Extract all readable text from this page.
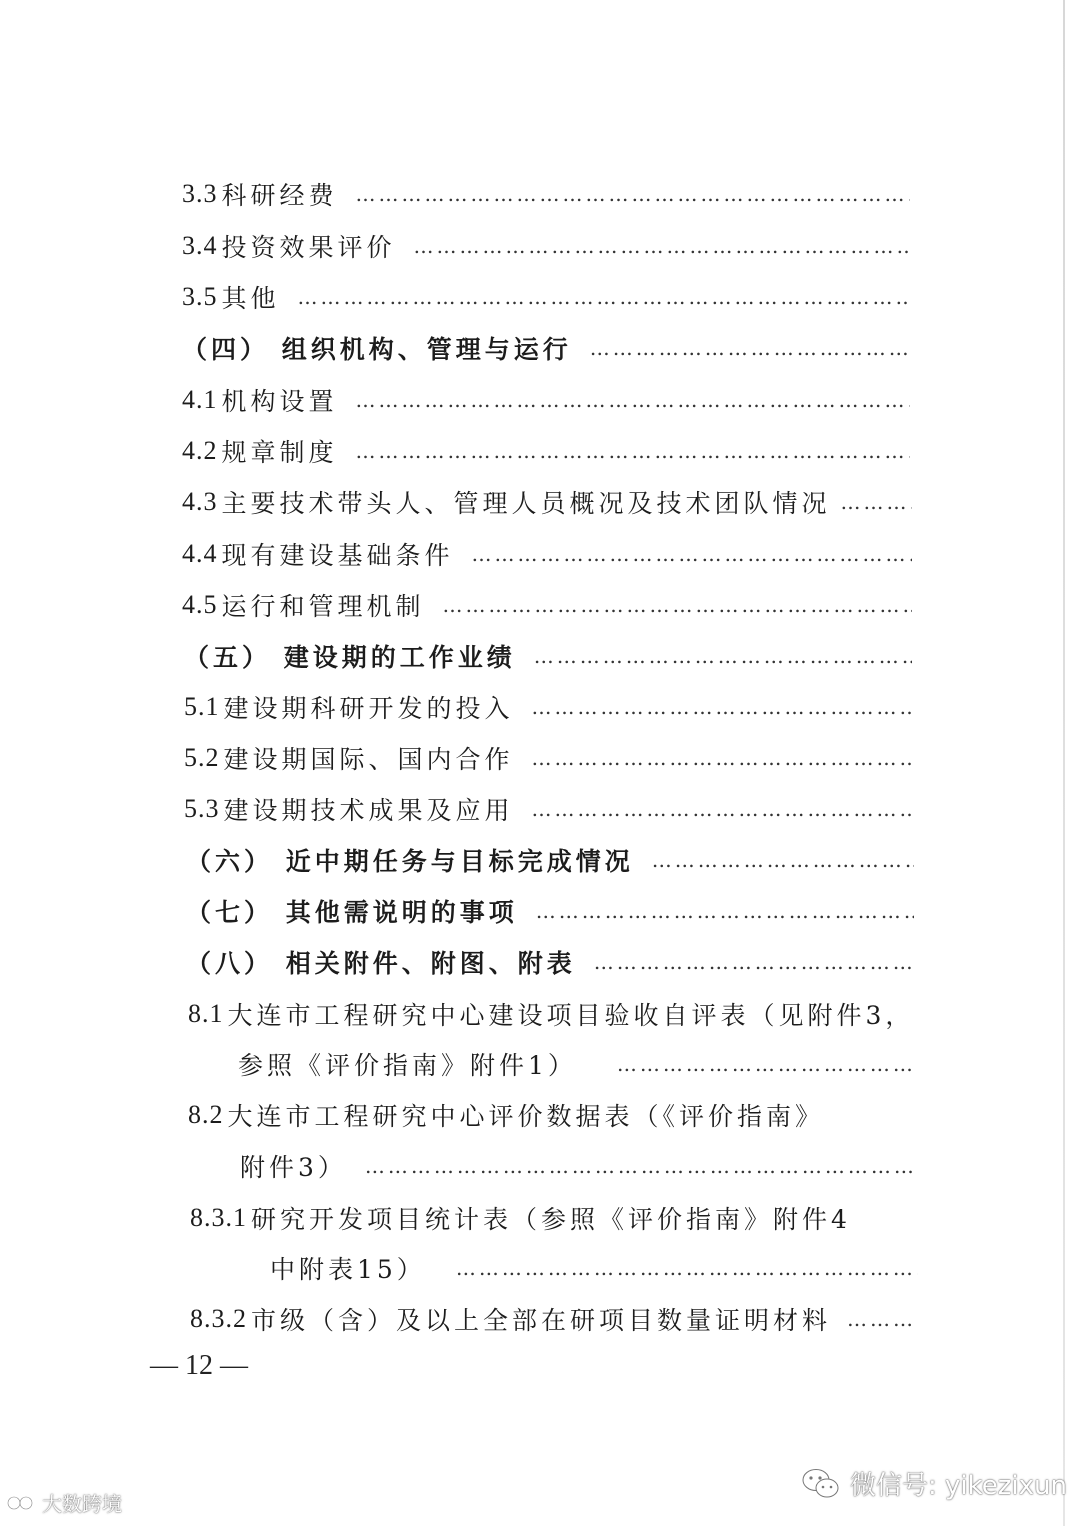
3.3 科研经费
…………………………………………………………………………………………………………
3.4 投资效果评价
…………………………………………………………………………………………………………
3.5 其他
…………………………………………………………………………………………………………
（四） 组织机构、管理与运行
…………………………………………………………………………………………………………
4.1 机构设置
…………………………………………………………………………………………………………
4.2 规章制度
…………………………………………………………………………………………………………
4.3 主要技术带头人、管理人员概况及技术团队情况
…………………………………………………………………………………………………………
4.4 现有建设基础条件
…………………………………………………………………………………………………………
4.5 运行和管理机制
…………………………………………………………………………………………………………
（五） 建设期的工作业绩
…………………………………………………………………………………………………………
5.1 建设期科研开发的投入
…………………………………………………………………………………………………………
5.2 建设期国际、国内合作
…………………………………………………………………………………………………………
5.3 建设期技术成果及应用
…………………………………………………………………………………………………………
（六） 近中期任务与目标完成情况
…………………………………………………………………………………………………………
（七） 其他需说明的事项
…………………………………………………………………………………………………………
（八） 相关附件、附图、附表
…………………………………………………………………………………………………………
8.1 大连市工程研究中心建设项目验收自评表（见附件3，
参照《评价指南》附件1）
…………………………………………………………………………………………………………
8.2 大连市工程研究中心评价数据表（《评价指南》
附件3）
…………………………………………………………………………………………………………
8.3.1 研究开发项目统计表（参照《评价指南》附件4
中附表15）
…………………………………………………………………………………………………………
8.3.2 市级（含）及以上全部在研项目数量证明材料
…………………………………………………………………………………………………………
— 12 —
大数跨境
微信号: yikezixun
